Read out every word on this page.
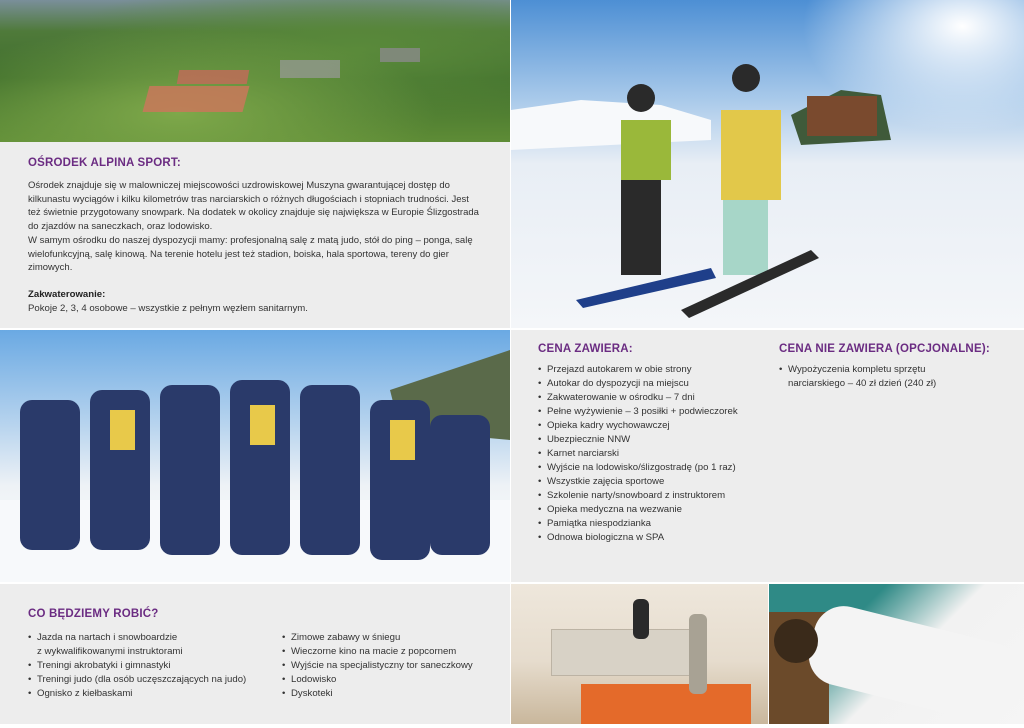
OŚRODEK ALPINA SPORT:

Ośrodek znajduje się w malowniczej miejscowości uzdrowiskowej Muszyna gwarantującej dostęp do kilkunastu wyciągów i kilku kilometrów tras narciarskich o różnych długościach i stopniach trudności. Jest też świetnie przygotowany snowpark. Na dodatek w okolicy znajduje się największa w Europie Ślizgostrada do zjazdów na saneczkach, oraz lodowisko.

W samym ośrodku do naszej dyspozycji mamy: profesjonalną salę z matą judo, stół do ping – ponga, salę wielofunkcyjną, salę kinową. Na terenie hotelu jest też stadion, boiska, hala sportowa, tereny do gier zimowych.

Zakwaterowanie:

Pokoje 2, 3, 4 osobowe – wszystkie z pełnym węzłem sanitarnym.

CENA ZAWIERA:
• Przejazd autokarem w obie strony
• Autokar do dyspozycji na miejscu
• Zakwaterowanie w ośrodku – 7 dni
• Pełne wyżywienie – 3 posiłki + podwieczorek
• Opieka kadry wychowawczej
• Ubezpiecznie NNW
• Karnet narciarski
• Wyjście na lodowisko/ślizgostradę (po 1 raz)
• Wszystkie zajęcia sportowe
• Szkolenie narty/snowboard z instruktorem
• Opieka medyczna na wezwanie
• Pamiątka niespodzianka
• Odnowa biologiczna w SPA
CENA NIE ZAWIERA (OPCJONALNE):
• Wypożyczenia kompletu sprzętu
narciarskiego – 40 zł dzień (240 zł)
CO BĘDZIEMY ROBIĆ?
• Jazda na nartach i snowboardzie
z wykwalifikowanymi instruktorami
• Treningi akrobatyki i gimnastyki
• Treningi judo (dla osób uczęszczających na judo)
• Ognisko z kiełbaskami
• Zimowe zabawy w śniegu
• Wieczorne kino na macie z popcornem
• Wyjście na specjalistyczny tor saneczkowy
• Lodowisko
• Dyskoteki
